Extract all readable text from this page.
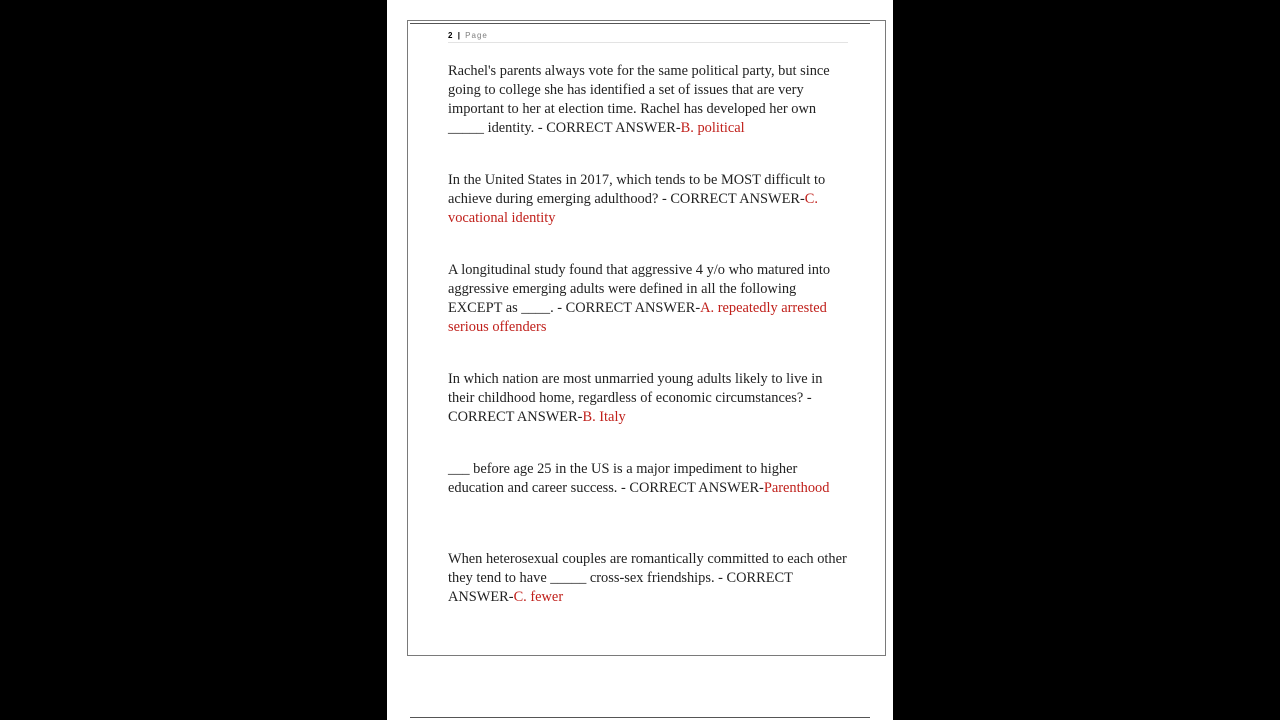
2 | Page

Rachel's parents always vote for the same political party, but since going to college she has identified a set of issues that are very important to her at election time. Rachel has developed her own _____ identity. - CORRECT ANSWER-B. political

In the United States in 2017, which tends to be MOST difficult to achieve during emerging adulthood? - CORRECT ANSWER-C. vocational identity

A longitudinal study found that aggressive 4 y/o who matured into aggressive emerging adults were defined in all the following EXCEPT as ____. - CORRECT ANSWER-A. repeatedly arrested serious offenders

In which nation are most unmarried young adults likely to live in their childhood home, regardless of economic circumstances? - CORRECT ANSWER-B. Italy

___ before age 25 in the US is a major impediment to higher education and career success. - CORRECT ANSWER-Parenthood

When heterosexual couples are romantically committed to each other they tend to have _____ cross-sex friendships. - CORRECT ANSWER-C. fewer
